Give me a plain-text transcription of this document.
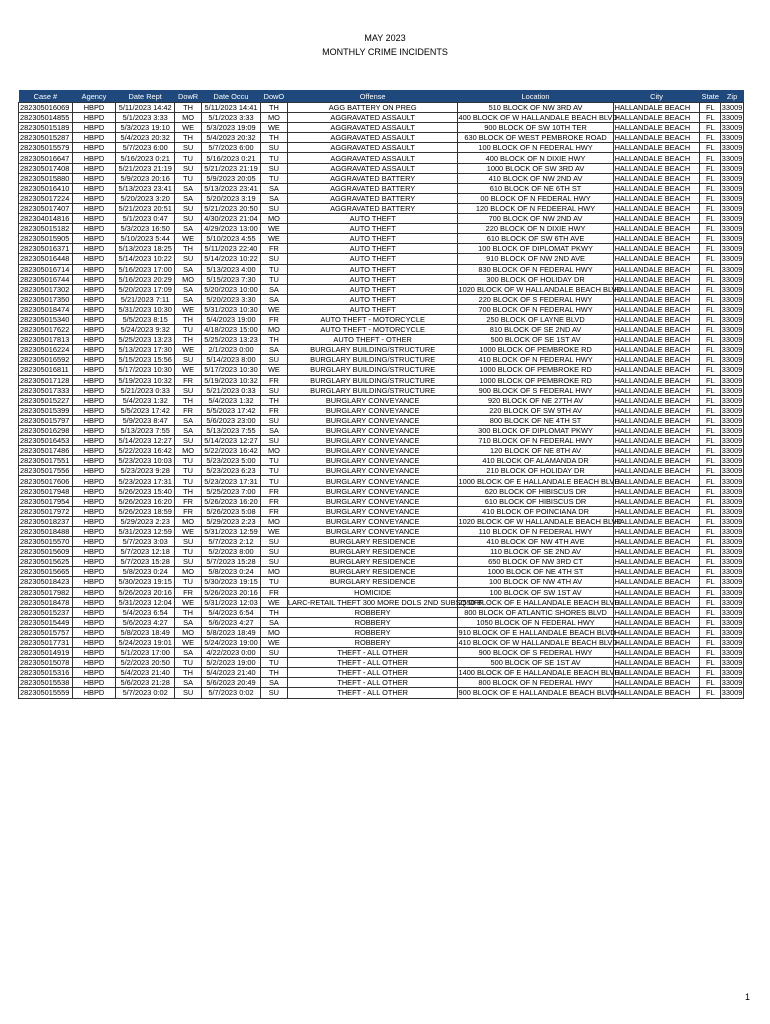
MAY 2023
MONTHLY CRIME INCIDENTS
Case #	Agency	Date Rept	DowR	Date Occu	DowO	Offense	Location	City	State	Zip
282305016069	HBPD	5/11/2023 14:42	TH	5/11/2023 14:41	TH	AGG BATTERY ON PREG	510 BLOCK OF NW 3RD AV	HALLANDALE BEACH	FL	33009
282305014855	HBPD	5/1/2023 3:33	MO	5/1/2023 3:33	MO	AGGRAVATED ASSAULT	400 BLOCK OF W HALLANDALE BEACH BLVD	HALLANDALE BEACH	FL	33009
282305015189	HBPD	5/3/2023 19:10	WE	5/3/2023 19:09	WE	AGGRAVATED ASSAULT	900 BLOCK OF SW 10TH TER	HALLANDALE BEACH	FL	33009
282305015287	HBPD	5/4/2023 20:32	TH	5/4/2023 20:32	TH	AGGRAVATED ASSAULT	630 BLOCK OF WEST PEMBROKE ROAD	HALLANDALE BEACH	FL	33009
282305015579	HBPD	5/7/2023 6:00	SU	5/7/2023 6:00	SU	AGGRAVATED ASSAULT	100 BLOCK OF N FEDERAL HWY	HALLANDALE BEACH	FL	33009
282305016647	HBPD	5/16/2023 0:21	TU	5/16/2023 0:21	TU	AGGRAVATED ASSAULT	400 BLOCK OF N DIXIE HWY	HALLANDALE BEACH	FL	33009
282305017408	HBPD	5/21/2023 21:19	SU	5/21/2023 21:19	SU	AGGRAVATED ASSAULT	1000 BLOCK OF SW 3RD AV	HALLANDALE BEACH	FL	33009
282305015880	HBPD	5/9/2023 20:16	TU	5/9/2023 20:05	TU	AGGRAVATED BATTERY	410 BLOCK OF NW 2ND AV	HALLANDALE BEACH	FL	33009
282305016410	HBPD	5/13/2023 23:41	SA	5/13/2023 23:41	SA	AGGRAVATED BATTERY	610 BLOCK OF NE 6TH ST	HALLANDALE BEACH	FL	33009
282305017224	HBPD	5/20/2023 3:20	SA	5/20/2023 3:19	SA	AGGRAVATED BATTERY	00 BLOCK OF N FEDERAL HWY	HALLANDALE BEACH	FL	33009
282305017407	HBPD	5/21/2023 20:51	SU	5/21/2023 20:50	SU	AGGRAVATED BATTERY	120 BLOCK OF N FEDEERAL HWY	HALLANDALE BEACH	FL	33009
282304014816	HBPD	5/1/2023 0:47	SU	4/30/2023 21:04	MO	AUTO THEFT	700 BLOCK OF NW 2ND AV	HALLANDALE BEACH	FL	33009
282305015182	HBPD	5/3/2023 16:50	SA	4/29/2023 13:00	WE	AUTO THEFT	220 BLOCK OF N DIXIE HWY	HALLANDALE BEACH	FL	33009
282305015905	HBPD	5/10/2023 5:44	WE	5/10/2023 4:55	WE	AUTO THEFT	610 BLOCK OF SW 6TH AVE	HALLANDALE BEACH	FL	33009
282305016371	HBPD	5/13/2023 18:25	TH	5/11/2023 22:40	FR	AUTO THEFT	100 BLOCK OF DIPLOMAT PKWY	HALLANDALE BEACH	FL	33009
282305016448	HBPD	5/14/2023 10:22	SU	5/14/2023 10:22	SU	AUTO THEFT	910 BLOCK OF NW 2ND AVE	HALLANDALE BEACH	FL	33009
282305016714	HBPD	5/16/2023 17:00	SA	5/13/2023 4:00	TU	AUTO THEFT	830 BLOCK OF N FEDERAL HWY	HALLANDALE BEACH	FL	33009
282305016744	HBPD	5/16/2023 20:29	MO	5/15/2023 7:30	TU	AUTO THEFT	300 BLOCK OF HOLIDAY DR	HALLANDALE BEACH	FL	33009
282305017302	HBPD	5/20/2023 17:09	SA	5/20/2023 10:00	SA	AUTO THEFT	1020 BLOCK OF W HALLANDALE BEACH BLVD	HALLANDALE BEACH	FL	33009
282305017350	HBPD	5/21/2023 7:11	SA	5/20/2023 3:30	SA	AUTO THEFT	220 BLOCK OF S FEDERAL HWY	HALLANDALE BEACH	FL	33009
282305018474	HBPD	5/31/2023 10:30	WE	5/31/2023 10:30	WE	AUTO THEFT	700 BLOCK OF N FEDERAL HWY	HALLANDALE BEACH	FL	33009
282305015340	HBPD	5/5/2023 8:15	TH	5/4/2023 19:00	FR	AUTO THEFT - MOTORCYCLE	250 BLOCK OF LAYNE BLVD	HALLANDALE BEACH	FL	33009
282305017622	HBPD	5/24/2023 9:32	TU	4/18/2023 15:00	MO	AUTO THEFT - MOTORCYCLE	810 BLOCK OF SE 2ND AV	HALLANDALE BEACH	FL	33009
282305017813	HBPD	5/25/2023 13:23	TH	5/25/2023 13:23	TH	AUTO THEFT - OTHER	500 BLOCK OF SE 1ST AV	HALLANDALE BEACH	FL	33009
282305016224	HBPD	5/13/2023 17:30	WE	2/1/2023 0:00	SA	BURGLARY BUILDING/STRUCTURE	1000 BLOCK OF PEMBROKE RD	HALLANDALE BEACH	FL	33009
282305016592	HBPD	5/15/2023 15:56	SU	5/14/2023 8:00	SU	BURGLARY BUILDING/STRUCTURE	410 BLOCK OF N FEDERAL HWY	HALLANDALE BEACH	FL	33009
282305016811	HBPD	5/17/2023 10:30	WE	5/17/2023 10:30	WE	BURGLARY BUILDING/STRUCTURE	1000 BLOCK OF PEMBROKE RD	HALLANDALE BEACH	FL	33009
282305017128	HBPD	5/19/2023 10:32	FR	5/19/2023 10:32	FR	BURGLARY BUILDING/STRUCTURE	1000 BLOCK OF PEMBROKE RD	HALLANDALE BEACH	FL	33009
282305017333	HBPD	5/21/2023 0:33	SU	5/21/2023 0:33	SU	BURGLARY BUILDING/STRUCTURE	900 BLOCK OF S FEDERAL HWY	HALLANDALE BEACH	FL	33009
282305015227	HBPD	5/4/2023 1:32	TH	5/4/2023 1:32	TH	BURGLARY CONVEYANCE	920 BLOCK OF NE 27TH AV	HALLANDALE BEACH	FL	33009
282305015399	HBPD	5/5/2023 17:42	FR	5/5/2023 17:42	FR	BURGLARY CONVEYANCE	220 BLOCK OF SW 9TH AV	HALLANDALE BEACH	FL	33009
282305015797	HBPD	5/9/2023 8:47	SA	5/6/2023 23:00	SU	BURGLARY CONVEYANCE	800 BLOCK OF NE 4TH ST	HALLANDALE BEACH	FL	33009
282305016298	HBPD	5/13/2023 7:55	SA	5/13/2023 7:55	SA	BURGLARY CONVEYANCE	300 BLOCK OF DIPLOMAT PKWY	HALLANDALE BEACH	FL	33009
282305016453	HBPD	5/14/2023 12:27	SU	5/14/2023 12:27	SU	BURGLARY CONVEYANCE	710 BLOCK OF N FEDERAL HWY	HALLANDALE BEACH	FL	33009
282305017486	HBPD	5/22/2023 16:42	MO	5/22/2023 16:42	MO	BURGLARY CONVEYANCE	120 BLOCK OF NE 8TH AV	HALLANDALE BEACH	FL	33009
282305017551	HBPD	5/23/2023 10:03	TU	5/23/2023 5:00	TU	BURGLARY CONVEYANCE	410 BLOCK OF ALAMANDA DR	HALLANDALE BEACH	FL	33009
282305017556	HBPD	5/23/2023 9:28	TU	5/23/2023 6:23	TU	BURGLARY CONVEYANCE	210 BLOCK OF HOLIDAY DR	HALLANDALE BEACH	FL	33009
282305017606	HBPD	5/23/2023 17:31	TU	5/23/2023 17:31	TU	BURGLARY CONVEYANCE	1000 BLOCK OF E HALLANDALE BEACH BLVD	HALLANDALE BEACH	FL	33009
282305017948	HBPD	5/26/2023 15:40	TH	5/25/2023 7:00	FR	BURGLARY CONVEYANCE	620 BLOCK OF HIBISCUS DR	HALLANDALE BEACH	FL	33009
282305017954	HBPD	5/26/2023 16:20	FR	5/26/2023 16:20	FR	BURGLARY CONVEYANCE	610 BLOCK OF HIBISCUS DR	HALLANDALE BEACH	FL	33009
282305017972	HBPD	5/26/2023 18:59	FR	5/26/2023 5:08	FR	BURGLARY CONVEYANCE	410 BLOCK OF POINCIANA DR	HALLANDALE BEACH	FL	33009
282305018237	HBPD	5/29/2023 2:23	MO	5/29/2023 2:23	MO	BURGLARY CONVEYANCE	1020 BLOCK OF W HALLANDALE BEACH BLVD	HALLANDALE BEACH	FL	33009
282305018488	HBPD	5/31/2023 12:59	WE	5/31/2023 12:59	WE	BURGLARY CONVEYANCE	110 BLOCK OF N FEDERAL HWY	HALLANDALE BEACH	FL	33009
282305015570	HBPD	5/7/2023 3:03	SU	5/7/2023 2:12	SU	BURGLARY RESIDENCE	410 BLOCK OF NW 4TH AVE	HALLANDALE BEACH	FL	33009
282305015609	HBPD	5/7/2023 12:18	TU	5/2/2023 8:00	SU	BURGLARY RESIDENCE	110 BLOCK OF SE 2ND AV	HALLANDALE BEACH	FL	33009
282305015625	HBPD	5/7/2023 15:28	SU	5/7/2023 15:28	SU	BURGLARY RESIDENCE	650 BLOCK OF NW 3RD CT	HALLANDALE BEACH	FL	33009
282305015665	HBPD	5/8/2023 0:24	MO	5/8/2023 0:24	MO	BURGLARY RESIDENCE	1000 BLOCK OF NE 4TH ST	HALLANDALE BEACH	FL	33009
282305018423	HBPD	5/30/2023 19:15	TU	5/30/2023 19:15	TU	BURGLARY RESIDENCE	100 BLOCK OF NW 4TH AV	HALLANDALE BEACH	FL	33009
282305017982	HBPD	5/26/2023 20:16	FR	5/26/2023 20:16	FR	HOMICIDE	100 BLOCK OF SW 1ST AV	HALLANDALE BEACH	FL	33009
282305018478	HBPD	5/31/2023 12:04	WE	5/31/2023 12:03	WE	LARC-RETAIL THEFT 300 MORE DOLS 2ND SUBSQ OFF	2550 BLOCK OF E HALLANDALE BEACH BLVD	HALLANDALE BEACH	FL	33009
282305015237	HBPD	5/4/2023 6:54	TH	5/4/2023 6:54	TH	ROBBERY	800 BLOCK OF ATLANTIC SHORES BLVD	HALLANDALE BEACH	FL	33009
282305015449	HBPD	5/6/2023 4:27	SA	5/6/2023 4:27	SA	ROBBERY	1050 BLOCK OF N FEDERAL HWY	HALLANDALE BEACH	FL	33009
282305015757	HBPD	5/8/2023 18:49	MO	5/8/2023 18:49	MO	ROBBERY	910 BLOCK OF E HALLANDALE BEACH BLVD	HALLANDALE BEACH	FL	33009
282305017731	HBPD	5/24/2023 19:01	WE	5/24/2023 19:00	WE	ROBBERY	410 BLOCK OF W HALLANDALE BEACH BLVD	HALLANDALE BEACH	FL	33009
282305014919	HBPD	5/1/2023 17:00	SA	4/22/2023 0:00	SU	THEFT - ALL OTHER	900 BLOCK OF S FEDERAL HWY	HALLANDALE BEACH	FL	33009
282305015078	HBPD	5/2/2023 20:50	TU	5/2/2023 19:00	TU	THEFT - ALL OTHER	500 BLOCK OF SE 1ST AV	HALLANDALE BEACH	FL	33009
282305015316	HBPD	5/4/2023 21:40	TH	5/4/2023 21:40	TH	THEFT - ALL OTHER	1400 BLOCK OF E HALLANDALE BEACH BLVD	HALLANDALE BEACH	FL	33009
282305015538	HBPD	5/6/2023 21:28	SA	5/6/2023 20:49	SA	THEFT - ALL OTHER	800 BLOCK OF N FEDERAL HWY	HALLANDALE BEACH	FL	33009
282305015559	HBPD	5/7/2023 0:02	SU	5/7/2023 0:02	SU	THEFT - ALL OTHER	900 BLOCK OF E HALLANDALE BEACH BLVD	HALLANDALE BEACH	FL	33009
1
